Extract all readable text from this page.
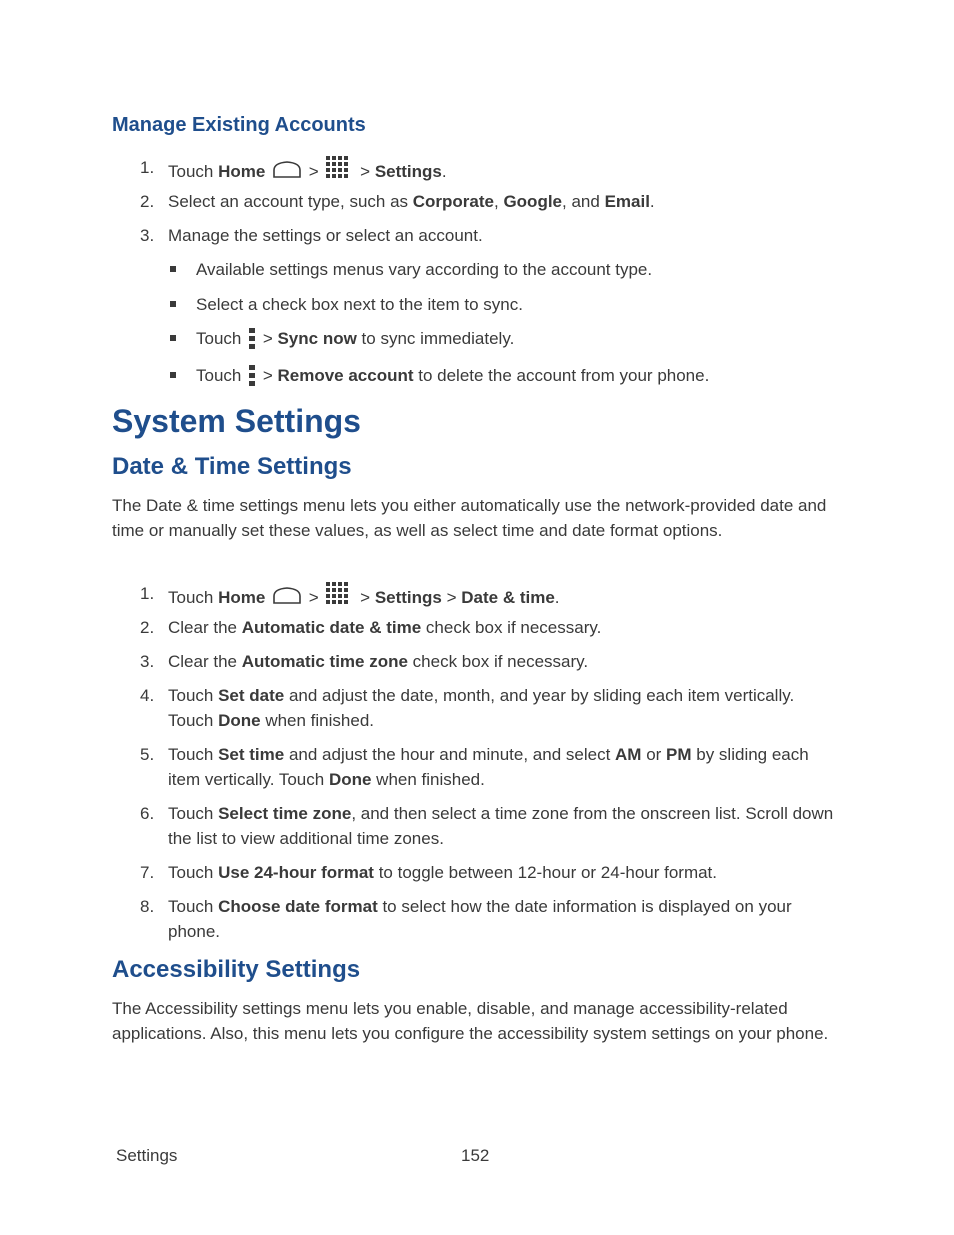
Manage Existing Accounts
1. Touch Home  >  > Settings.
2. Select an account type, such as Corporate, Google, and Email.
3. Manage the settings or select an account.
Available settings menus vary according to the account type.
Select a check box next to the item to sync.
Touch  > Sync now to sync immediately.
Touch  > Remove account to delete the account from your phone.
System Settings
Date & Time Settings

The Date & time settings menu lets you either automatically use the network-provided date and time or manually set these values, as well as select time and date format options.

1. Touch Home  >  > Settings > Date & time.
2. Clear the Automatic date & time check box if necessary.
3. Clear the Automatic time zone check box if necessary.
4. Touch Set date and adjust the date, month, and year by sliding each item vertically. Touch Done when finished.
5. Touch Set time and adjust the hour and minute, and select AM or PM by sliding each item vertically. Touch Done when finished.
6. Touch Select time zone, and then select a time zone from the onscreen list. Scroll down the list to view additional time zones.
7. Touch Use 24-hour format to toggle between 12-hour or 24-hour format.
8. Touch Choose date format to select how the date information is displayed on your phone.
Accessibility Settings

The Accessibility settings menu lets you enable, disable, and manage accessibility-related applications. Also, this menu lets you configure the accessibility system settings on your phone.

Settings	152
